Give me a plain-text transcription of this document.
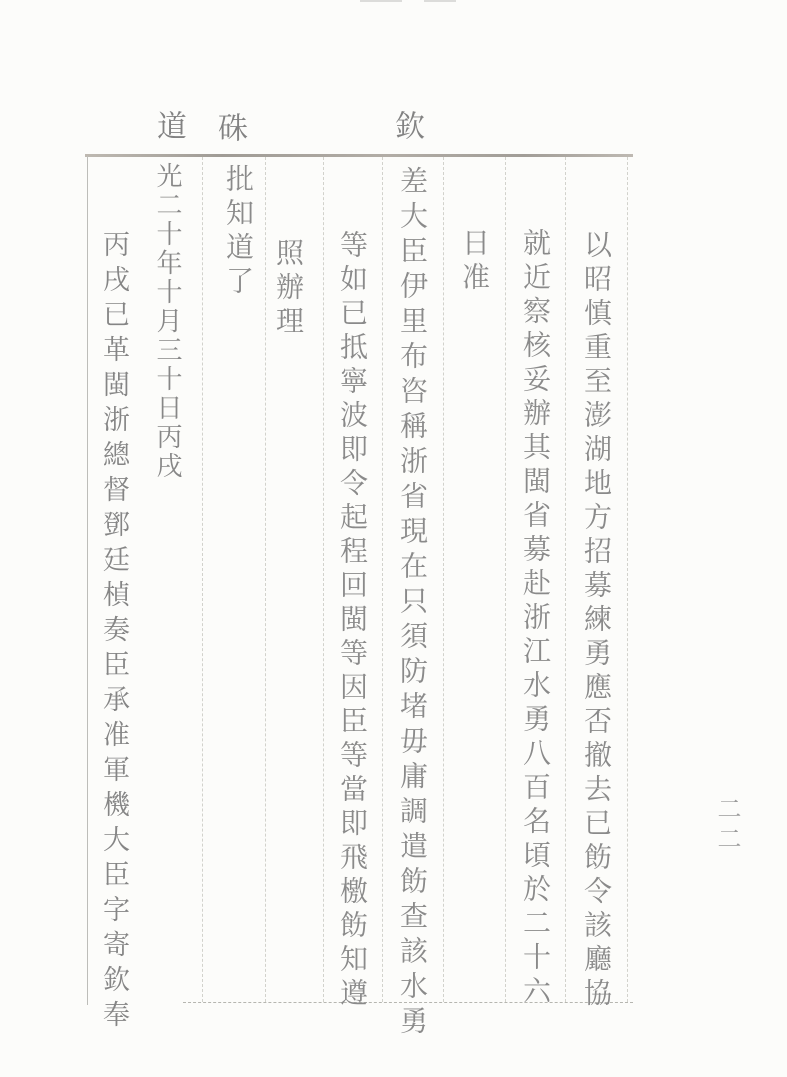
欽
硃
道
以昭慎重至澎湖地方招募練勇應否撤去已飭令該廳協
就近察核妥辦其閩省募赴浙江水勇八百名頃於二十六
日准
差大臣伊里布咨稱浙省現在只須防堵毋庸調遣飭查該水勇
等如已抵寧波即令起程回閩等因臣等當即飛檄飭知遵
照辦理
批知道了
光二十年十月三十日丙戌
丙戌已革閩浙總督鄧廷楨奏臣承准軍機大臣字寄欽奉	二二
